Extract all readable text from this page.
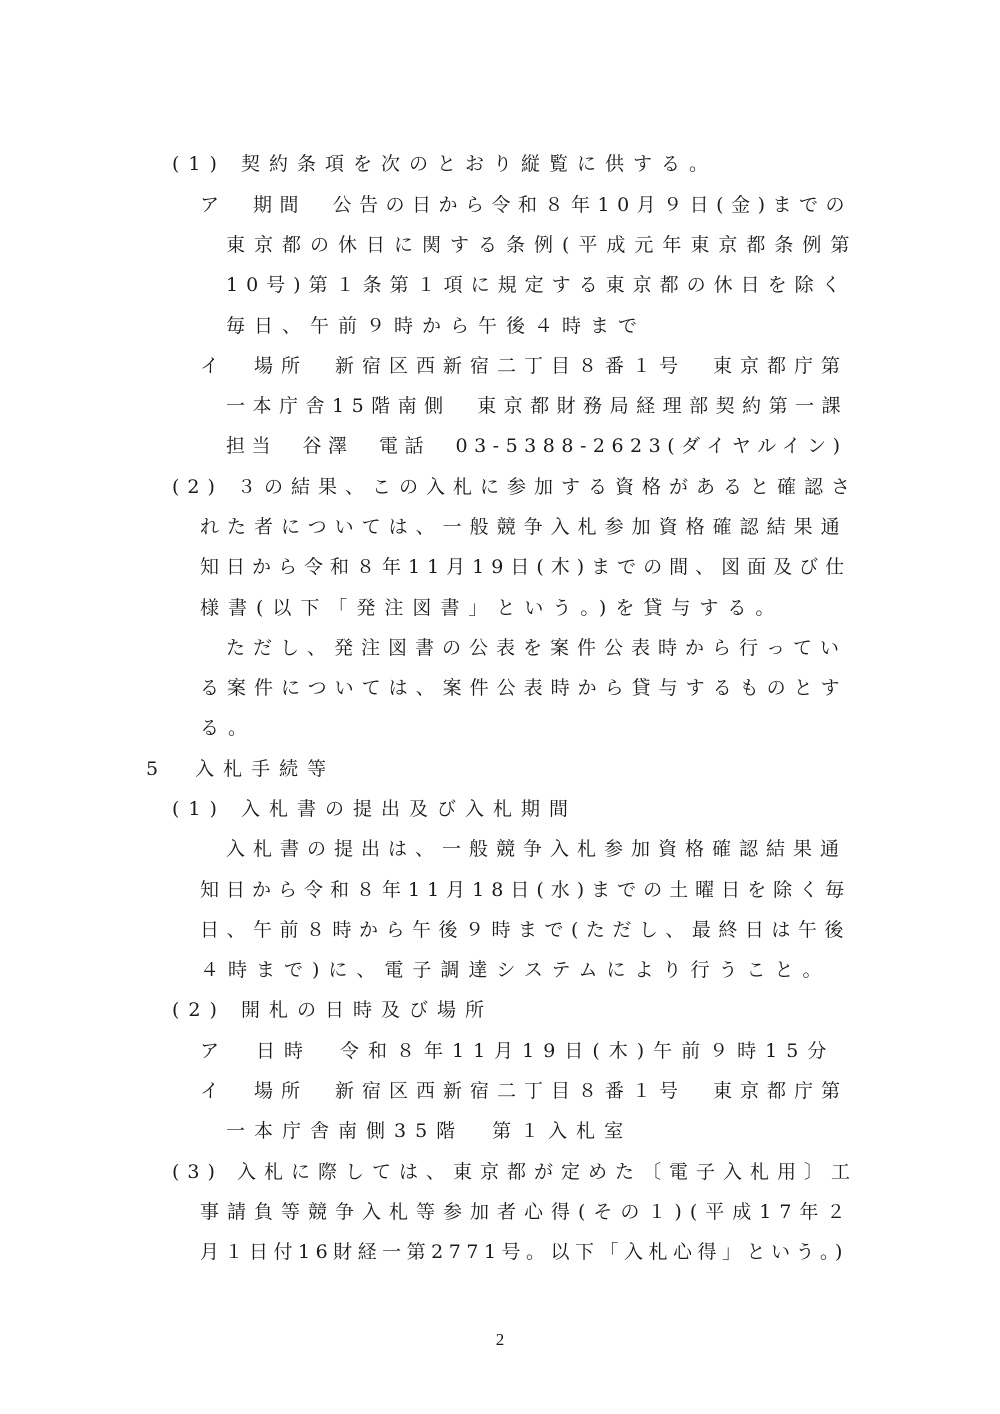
(1) 契約条項を次のとおり縦覧に供する。
ア　期間　公告の日から令和８年10月９日(金)までの
東京都の休日に関する条例(平成元年東京都条例第
10号)第１条第１項に規定する東京都の休日を除く
毎日、午前９時から午後４時まで
イ　場所　新宿区西新宿二丁目８番１号　東京都庁第
一本庁舎15階南側　東京都財務局経理部契約第一課
担当　谷澤　電話　03-5388-2623(ダイヤルイン)
(2) ３の結果、この入札に参加する資格があると確認さ
れた者については、一般競争入札参加資格確認結果通
知日から令和８年11月19日(木)までの間、図面及び仕
様書(以下「発注図書」という。)を貸与する。
ただし、発注図書の公表を案件公表時から行ってい
る案件については、案件公表時から貸与するものとす
る。
5　入札手続等
(1) 入札書の提出及び入札期間
入札書の提出は、一般競争入札参加資格確認結果通
知日から令和８年11月18日(水)までの土曜日を除く毎
日、午前８時から午後９時まで(ただし、最終日は午後
４時まで)に、電子調達システムにより行うこと。
(2) 開札の日時及び場所
ア　日時　令和８年11月19日(木)午前９時15分
イ　場所　新宿区西新宿二丁目８番１号　東京都庁第
一本庁舎南側35階　第１入札室
(3) 入札に際しては、東京都が定めた〔電子入札用〕工
事請負等競争入札等参加者心得(その１)(平成17年２
月１日付16財経一第2771号。以下「入札心得」という。)
2
